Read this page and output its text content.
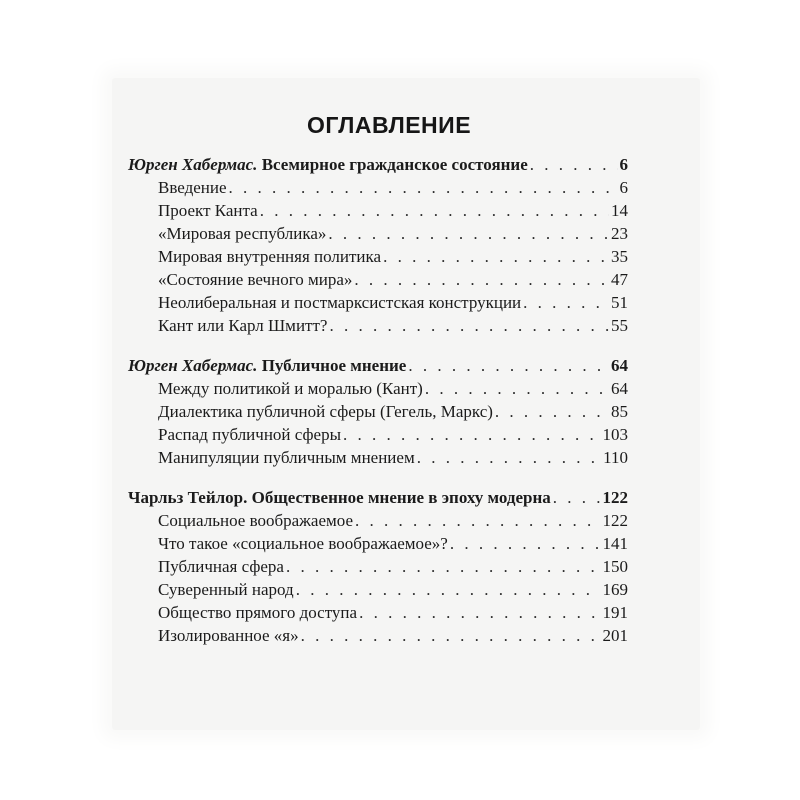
ОГЛАВЛЕНИЕ
Юрген Хабермас. Всемирное гражданское состояние . . .	6
Введение . . .	6
Проект Канта . . .	14
«Мировая республика» . . .	23
Мировая внутренняя политика . . .	35
«Состояние вечного мира» . . .	47
Неолиберальная и постмарксистская конструкции . . .	51
Кант или Карл Шмитт? . . .	55
Юрген Хабермас. Публичное мнение . . .	64
Между политикой и моралью (Кант) . . .	64
Диалектика публичной сферы (Гегель, Маркс) . . .	85
Распад публичной сферы . . .	103
Манипуляции публичным мнением . . .	110
Чарльз Тейлор. Общественное мнение в эпоху модерна . . .	122
Социальное воображаемое . . .	122
Что такое «социальное воображаемое»? . . .	141
Публичная сфера . . .	150
Суверенный народ . . .	169
Общество прямого доступа . . .	191
Изолированное «я» . . .	201
